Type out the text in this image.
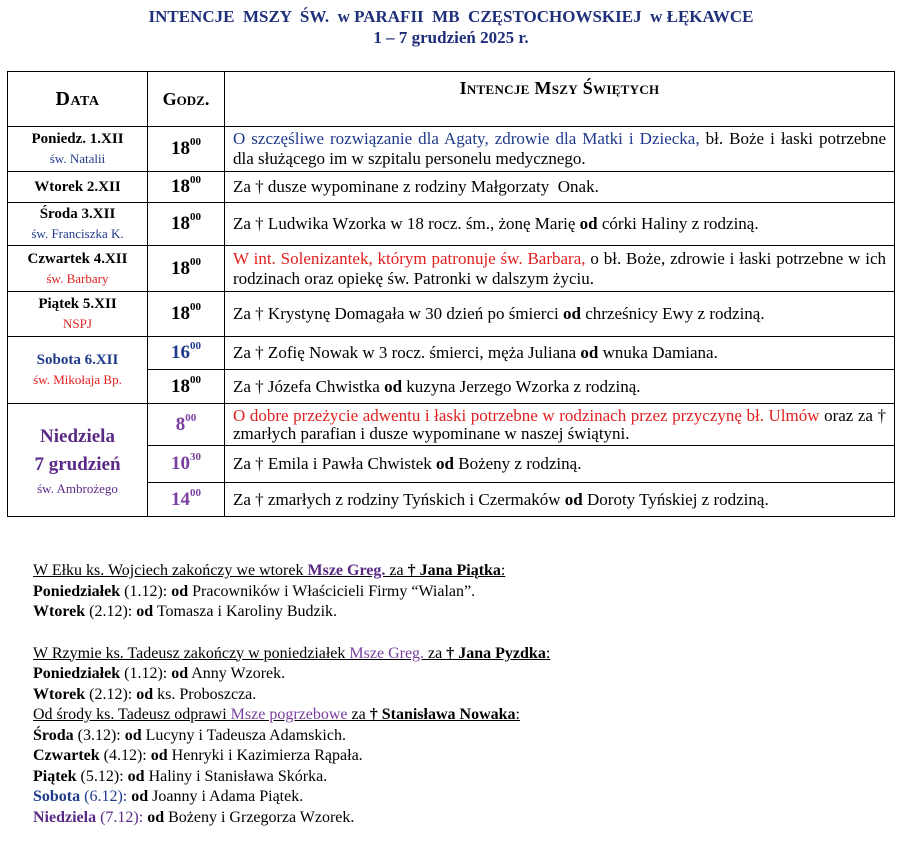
INTENCJE  MSZY  ŚW.  w PARAFII  MB  CZĘSTOCHOWSKIEJ  w ŁĘKAWCE
1 – 7 grudzień 2025 r.
Data	Godz.	Intencje Mszy Świętych

Poniedz. 1.XII
św. Natalii	$18^{00}$	O szczęśliwe rozwiązanie dla Agaty, zdrowie dla Matki i Dziecka, bł. Boże i łaski potrzebne dla służącego im w szpitalu personelu medycznego.

Wtorek 2.XII	$18^{00}$	Za † dusze wypominane z rodziny Małgorzaty  Onak.

Środa 3.XII
św. Franciszka K.	$18^{00}$	Za † Ludwika Wzorka w 18 rocz. śm., żonę Marię od córki Haliny z rodziną.

Czwartek 4.XII
św. Barbary	$18^{00}$	W int. Solenizantek, którym patronuje św. Barbara, o bł. Boże, zdrowie i łaski potrzebne w ich rodzinach oraz opiekę św. Patronki w dalszym życiu.

Piątek 5.XII
NSPJ	$18^{00}$	Za † Krystynę Domagała w 30 dzień po śmierci od chrześnicy Ewy z rodziną.

Sobota 6.XII
św. Mikołaja Bp.	$16^{00}$	Za † Zofię Nowak w 3 rocz. śmierci, męża Juliana od wnuka Damiana.
	$18^{00}$	Za † Józefa Chwistka od kuzyna Jerzego Wzorka z rodziną.

Niedziela
7 grudzień
św. Ambrożego	$8^{00}$	O dobre przeżycie adwentu i łaski potrzebne w rodzinach przez przyczynę bł. Ulmów oraz za † zmarłych parafian i dusze wypominane w naszej świątyni.
	$10^{30}$	Za † Emila i Pawła Chwistek od Bożeny z rodziną.
	$14^{00}$	Za † zmarłych z rodziny Tyńskich i Czermaków od Doroty Tyńskiej z rodziną.
W Ełku ks. Wojciech zakończy we wtorek Msze Greg. za † Jana Piątka:
Poniedziałek (1.12): od Pracowników i Właścicieli Firmy “Wialan”.
Wtorek (2.12): od Tomasza i Karoliny Budzik.
W Rzymie ks. Tadeusz zakończy w poniedziałek Msze Greg. za † Jana Pyzdka:
Poniedziałek (1.12): od Anny Wzorek.
Wtorek (2.12): od ks. Proboszcza.
Od środy ks. Tadeusz odprawi Msze pogrzebowe za † Stanisława Nowaka:
Środa (3.12): od Lucyny i Tadeusza Adamskich.
Czwartek (4.12): od Henryki i Kazimierza Rąpała.
Piątek (5.12): od Haliny i Stanisława Skórka.
Sobota (6.12): od Joanny i Adama Piątek.
Niedziela (7.12): od Bożeny i Grzegorza Wzorek.
